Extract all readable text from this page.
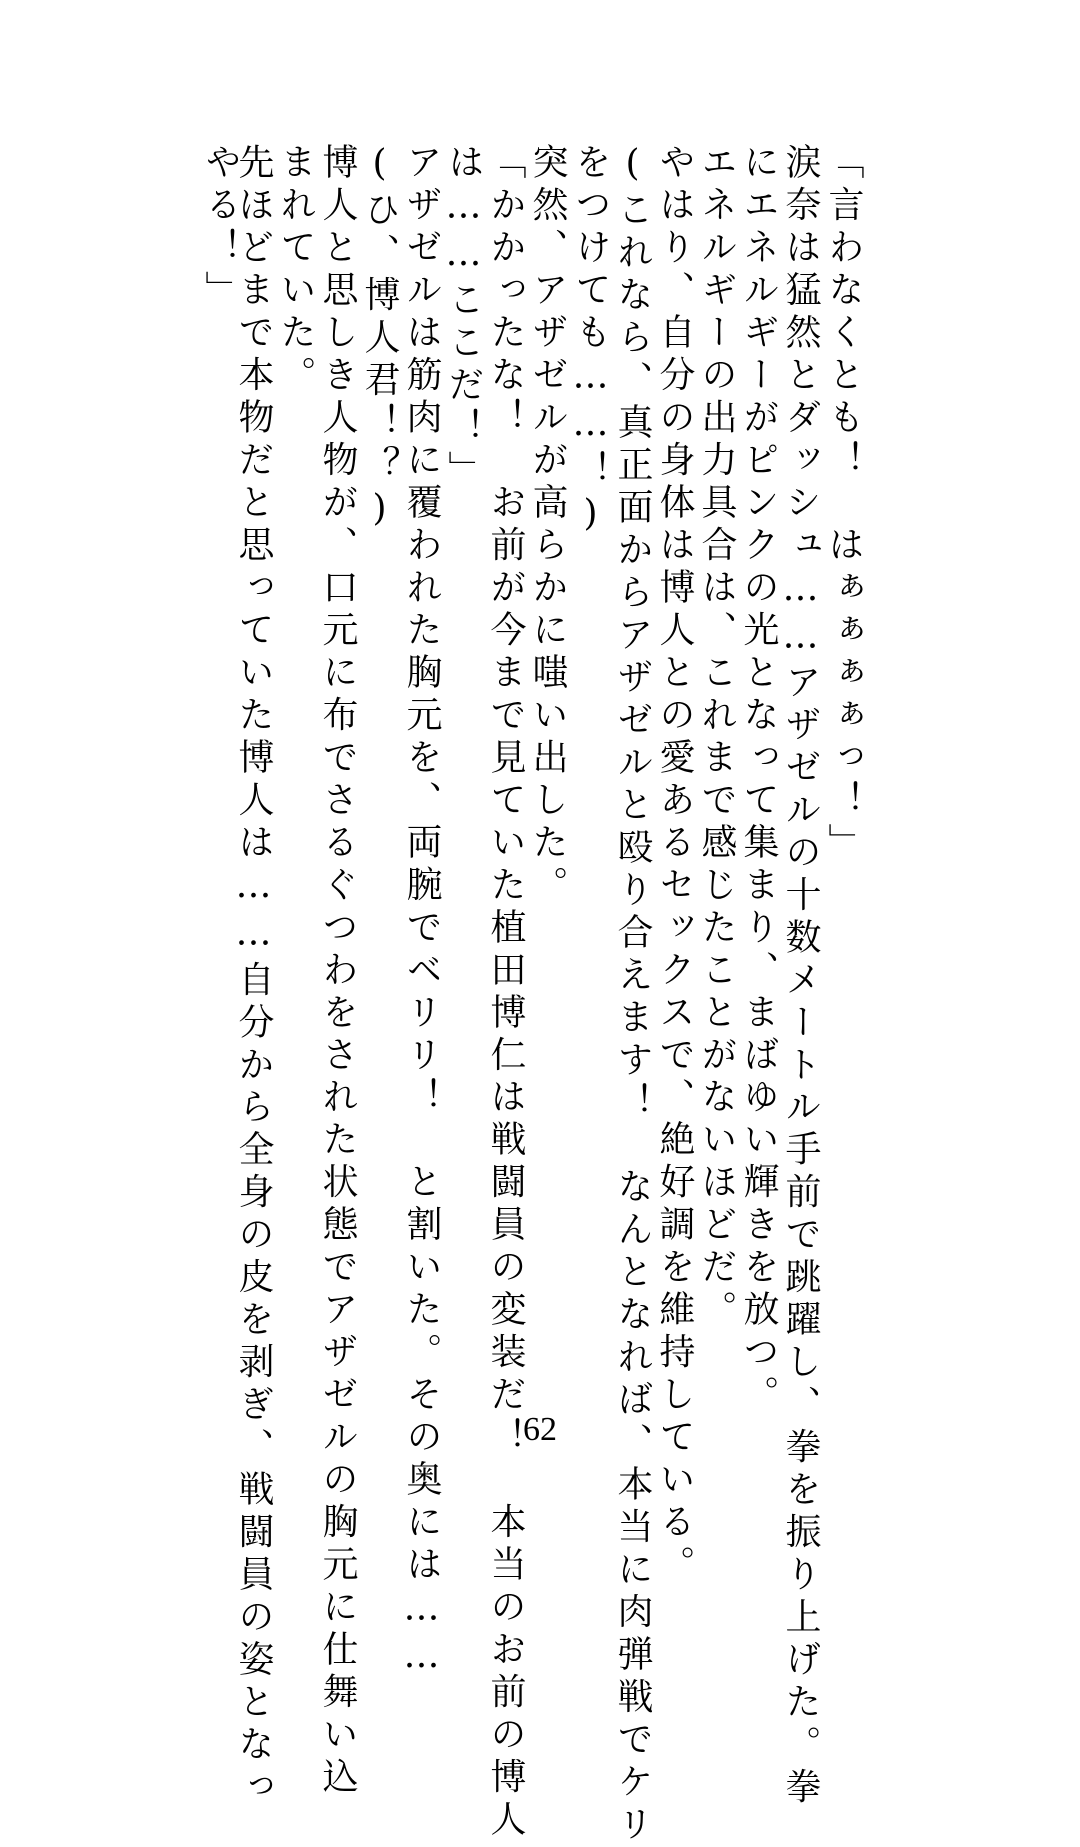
やる！」	「言わなくとも！　はぁぁぁぁっ！」
涙奈は猛然とダッシュ……アザゼルの十数メートル手前で跳躍し、拳を振り上げた。拳
にエネルギーがピンクの光となって集まり、まばゆい輝きを放つ。
エネルギーの出力具合は、これまで感じたことがないほどだ。
やはり、自分の身体は博人との愛あるセックスで、絶好調を維持している。
(これなら、真正面からアザゼルと殴り合えます！　なんとなれば、本当に肉弾戦でケリ
をつけても……！)
突然、アザゼルが高らかに嗤い出した。
「かかったな！　お前が今まで見ていた植田博仁は戦闘員の変装だ！　本当のお前の博人
は……ここだ！」
アザゼルは筋肉に覆われた胸元を、両腕でベリリ！　と割いた。その奥には……
(ひ、博人君！？)
博人と思しき人物が、口元に布でさるぐつわをされた状態でアザゼルの胸元に仕舞い込
まれていた。
先ほどまで本物だと思っていた博人は……自分から全身の皮を剥ぎ、戦闘員の姿となっ	62
